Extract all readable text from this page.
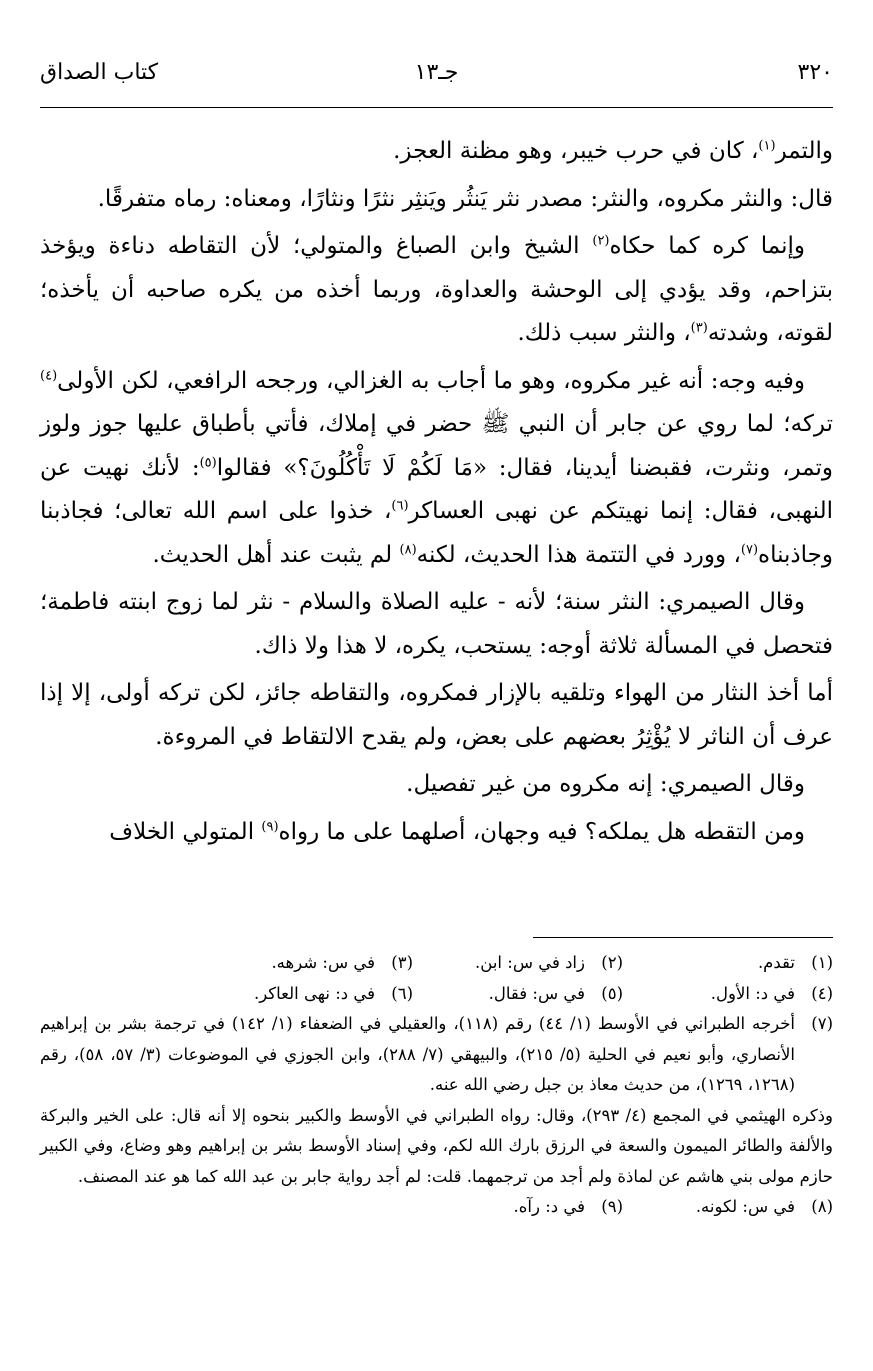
كتاب الصداق	جـ١٣	٣٢٠

والتمر$^{(١)}$، كان في حرب خيبر، وهو مظنة العجز.

قال: والنثر مكروه، والنثر: مصدر نثر يَنثُر ويَنثِر نثرًا ونثارًا، ومعناه: رماه متفرقًا.

وإنما كره كما حكاه$^{(٢)}$ الشيخ وابن الصباغ والمتولي؛ لأن التقاطه دناءة ويؤخذ بتزاحم، وقد يؤدي إلى الوحشة والعداوة، وربما أخذه من يكره صاحبه أن يأخذه؛ لقوته، وشدته$^{(٣)}$، والنثر سبب ذلك.

وفيه وجه: أنه غير مكروه، وهو ما أجاب به الغزالي، ورجحه الرافعي، لكن الأولى$^{(٤)}$ تركه؛ لما روي عن جابر أن النبي ﷺ حضر في إملاك، فأتي بأطباق عليها جوز ولوز وتمر، ونثرت، فقبضنا أيدينا، فقال: «مَا لَكُمْ لَا تَأْكُلُونَ؟» فقالوا$^{(٥)}$: لأنك نهيت عن النهبى، فقال: إنما نهيتكم عن نهبى العساكر$^{(٦)}$، خذوا على اسم الله تعالى؛ فجاذبنا وجاذبناه$^{(٧)}$، وورد في التتمة هذا الحديث، لكنه$^{(٨)}$ لم يثبت عند أهل الحديث.

وقال الصيمري: النثر سنة؛ لأنه - عليه الصلاة والسلام - نثر لما زوج ابنته فاطمة؛ فتحصل في المسألة ثلاثة أوجه: يستحب، يكره، لا هذا ولا ذاك.

أما أخذ النثار من الهواء وتلقيه بالإزار فمكروه، والتقاطه جائز، لكن تركه أولى، إلا إذا عرف أن الناثر لا يُؤْثِرُ بعضهم على بعض، ولم يقدح الالتقاط في المروءة.

وقال الصيمري: إنه مكروه من غير تفصيل.

ومن التقطه هل يملكه؟ فيه وجهان، أصلهما على ما رواه$^{(٩)}$ المتولي الخلاف

(١)
تقدم.
(٢)
زاد في س: ابن.
(٣)
في س: شرهه.
(٤)
في د: الأول.
(٥)
في س: فقال.
(٦)
في د: نهى العاكر.
(٧)
أخرجه الطبراني في الأوسط (١/ ٤٤) رقم (١١٨)، والعقيلي في الضعفاء (١/ ١٤٢) في ترجمة بشر بن إبراهيم الأنصاري، وأبو نعيم في الحلية (٥/ ٢١٥)، والبيهقي (٧/ ٢٨٨)، وابن الجوزي في الموضوعات (٣/ ٥٧، ٥٨)، رقم (١٢٦٨، ١٢٦٩)، من حديث معاذ بن جبل رضي الله عنه.
وذكره الهيثمي في المجمع (٤/ ٢٩٣)، وقال: رواه الطبراني في الأوسط والكبير بنحوه إلا أنه قال: على الخير والبركة والألفة والطائر الميمون والسعة في الرزق بارك الله لكم، وفي إسناد الأوسط بشر بن إبراهيم وهو وضاع، وفي الكبير حازم مولى بني هاشم عن لماذة ولم أجد من ترجمهما. قلت: لم أجد رواية جابر بن عبد الله كما هو عند المصنف.
(٨)
في س: لكونه.
(٩)
في د: رآه.
